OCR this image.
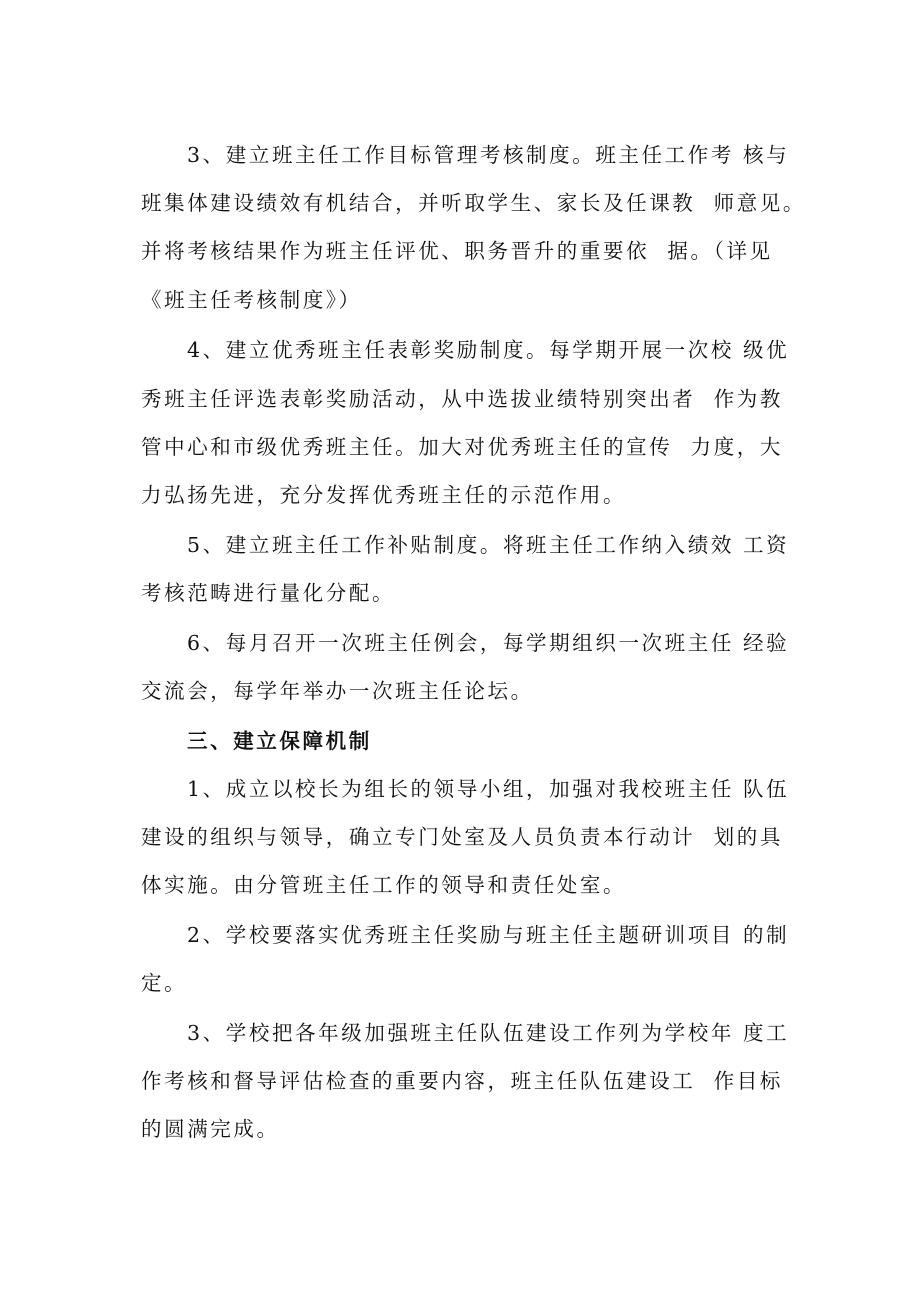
3、建立班主任工作目标管理考核制度。班主任工作考 核与
班集体建设绩效有机结合，并听取学生、家长及任课教  师意见。
并将考核结果作为班主任评优、职务晋升的重要依  据。（详见
《班主任考核制度》）
4、建立优秀班主任表彰奖励制度。每学期开展一次校 级优
秀班主任评选表彰奖励活动，从中选拔业绩特别突出者  作为教
管中心和市级优秀班主任。加大对优秀班主任的宣传  力度，大
力弘扬先进，充分发挥优秀班主任的示范作用。
5、建立班主任工作补贴制度。将班主任工作纳入绩效 工资
考核范畴进行量化分配。
6、每月召开一次班主任例会，每学期组织一次班主任 经验
交流会，每学年举办一次班主任论坛。
三、建立保障机制
1、成立以校长为组长的领导小组，加强对我校班主任 队伍
建设的组织与领导，确立专门处室及人员负责本行动计  划的具
体实施。由分管班主任工作的领导和责任处室。
2、学校要落实优秀班主任奖励与班主任主题研训项目 的制
定。
3、学校把各年级加强班主任队伍建设工作列为学校年 度工
作考核和督导评估检查的重要内容，班主任队伍建设工  作目标
的圆满完成。
